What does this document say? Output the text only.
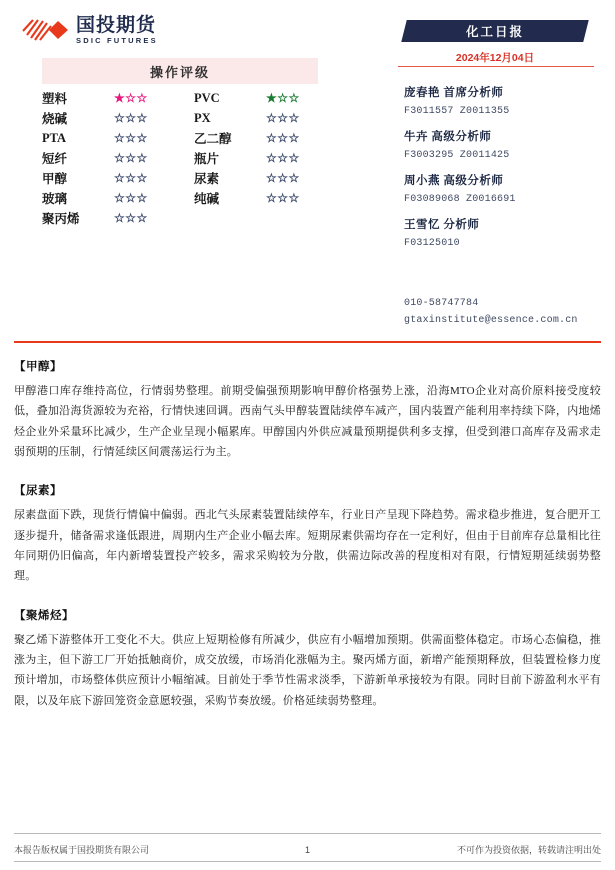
国投期货
SDIC FUTURES
操作评级
塑料	★☆☆	PVC	★☆☆
烧碱	☆☆☆	PX	☆☆☆
PTA	☆☆☆	乙二醇	☆☆☆
短纤	☆☆☆	瓶片	☆☆☆
甲醇	☆☆☆	尿素	☆☆☆
玻璃	☆☆☆	纯碱	☆☆☆
聚丙烯	☆☆☆		
化工日报
2024年12月04日
庞春艳 首席分析师
F3011557 Z0011355
牛卉 高级分析师
F3003295 Z0011425
周小燕 高级分析师
F03089068 Z0016691
王雪忆 分析师
F03125010
010-58747784
gtaxinstitute@essence.com.cn
【甲醇】
甲醇港口库存维持高位，行情弱势整理。前期受偏强预期影响甲醇价格强势上涨，沿海MTO企业对高价原料接受度较低，叠加沿海货源较为充裕，行情快速回调。西南气头甲醇装置陆续停车减产，国内装置产能利用率持续下降，内地烯烃企业外采量环比减少，生产企业呈现小幅累库。甲醇国内外供应减量预期提供利多支撑，但受到港口高库存及需求走弱预期的压制，行情延续区间震荡运行为主。
【尿素】
尿素盘面下跌，现货行情偏中偏弱。西北气头尿素装置陆续停车，行业日产呈现下降趋势。需求稳步推进，复合肥开工逐步提升，储备需求逢低跟进，周期内生产企业小幅去库。短期尿素供需均存在一定利好，但由于目前库存总量相比往年同期仍旧偏高，年内新增装置投产较多，需求采购较为分散，供需边际改善的程度相对有限，行情短期延续弱势整理。
【聚烯烃】
聚乙烯下游整体开工变化不大。供应上短期检修有所减少，供应有小幅增加预期。供需面整体稳定。市场心态偏稳，推涨为主，但下游工厂开始抵触商价，成交放缓，市场消化涨幅为主。聚丙烯方面，新增产能预期释放，但装置检修力度预计增加，市场整体供应预计小幅缩减。目前处于季节性需求淡季，下游新单承接较为有限。同时目前下游盈利水平有限，以及年底下游回笼资金意愿较强，采购节奏放缓。价格延续弱势整理。
本报告版权属于国投期货有限公司	1	不可作为投资依据，转载请注明出处
